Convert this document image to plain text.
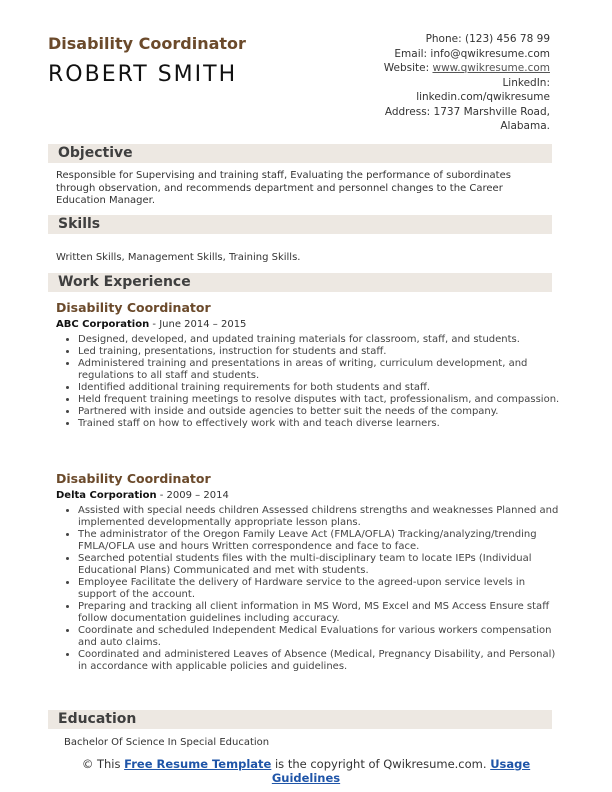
Disability Coordinator
ROBERT SMITH
Phone: (123) 456 78 99
Email: info@qwikresume.com
Website: www.qwikresume.com
LinkedIn:
linkedin.com/qwikresume
Address: 1737 Marshville Road,
Alabama.
Objective
Responsible for Supervising and training staff, Evaluating the performance of subordinates through observation, and recommends department and personnel changes to the Career Education Manager.
Skills
Written Skills, Management Skills, Training Skills.
Work Experience
Disability Coordinator
ABC Corporation - June 2014 – 2015
• Designed, developed, and updated training materials for classroom, staff, and students.
• Led training, presentations, instruction for students and staff.
• Administered training and presentations in areas of writing, curriculum development, and regulations to all staff and students.
• Identified additional training requirements for both students and staff.
• Held frequent training meetings to resolve disputes with tact, professionalism, and compassion.
• Partnered with inside and outside agencies to better suit the needs of the company.
• Trained staff on how to effectively work with and teach diverse learners.
Disability Coordinator
Delta Corporation - 2009 – 2014
• Assisted with special needs children Assessed childrens strengths and weaknesses Planned and implemented developmentally appropriate lesson plans.
• The administrator of the Oregon Family Leave Act (FMLA/OFLA) Tracking/analyzing/trending FMLA/OFLA use and hours Written correspondence and face to face.
• Searched potential students files with the multi-disciplinary team to locate IEPs (Individual Educational Plans) Communicated and met with students.
• Employee Facilitate the delivery of Hardware service to the agreed-upon service levels in support of the account.
• Preparing and tracking all client information in MS Word, MS Excel and MS Access Ensure staff follow documentation guidelines including accuracy.
• Coordinate and scheduled Independent Medical Evaluations for various workers compensation and auto claims.
• Coordinated and administered Leaves of Absence (Medical, Pregnancy Disability, and Personal) in accordance with applicable policies and guidelines.
Education
Bachelor Of Science In Special Education
© This Free Resume Template is the copyright of Qwikresume.com. Usage
Guidelines
